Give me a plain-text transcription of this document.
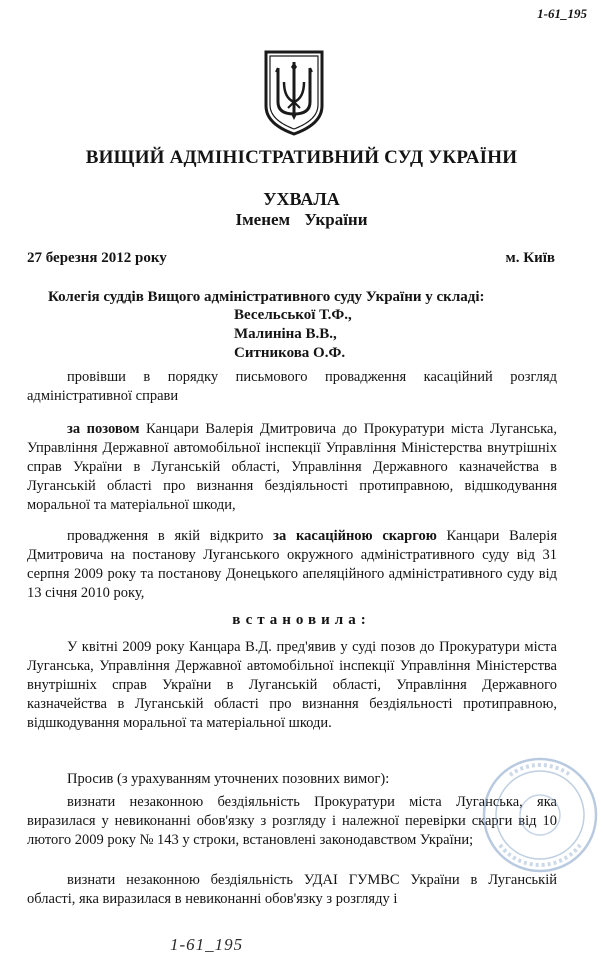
1-61_195
ВИЩИЙ АДМІНІСТРАТИВНИЙ СУД УКРАЇНИ
УХВАЛА
Іменем України
27 березня 2012 року	м. Київ
Колегія суддів Вищого адміністративного суду України у складі:
Весельської Т.Ф.,
Малиніна В.В.,
Ситникова О.Ф.
провівши в порядку письмового провадження касаційний розгляд адміністративної справи
за позовом Канцари Валерія Дмитровича до Прокуратури міста Луганська, Управління Державної автомобільної інспекції Управління Міністерства внутрішніх справ України в Луганській області, Управління Державного казначейства в Луганській області про визнання бездіяльності протиправною, відшкодування моральної та матеріальної шкоди,
провадження в якій відкрито за касаційною скаргою Канцари Валерія Дмитровича на постанову Луганського окружного адміністративного суду від 31 серпня 2009 року та постанову Донецького апеляційного адміністративного суду від 13 січня 2010 року,
встановила:
У квітні 2009 року Канцара В.Д. пред'явив у суді позов до Прокуратури міста Луганська, Управління Державної автомобільної інспекції Управління Міністерства внутрішніх справ України в Луганській області, Управління Державного казначейства в Луганській області про визнання бездіяльності протиправною, відшкодування моральної та матеріальної шкоди.
Просив (з урахуванням уточнених позовних вимог):
визнати незаконною бездіяльність Прокуратури міста Луганська, яка виразилася у невиконанні обов'язку з розгляду і належної перевірки скарги від 10 лютого 2009 року № 143 у строки, встановлені законодавством України;
визнати незаконною бездіяльність УДАІ ГУМВС України в Луганській області, яка виразилася в невиконанні обов'язку з розгляду і
1-61_195
